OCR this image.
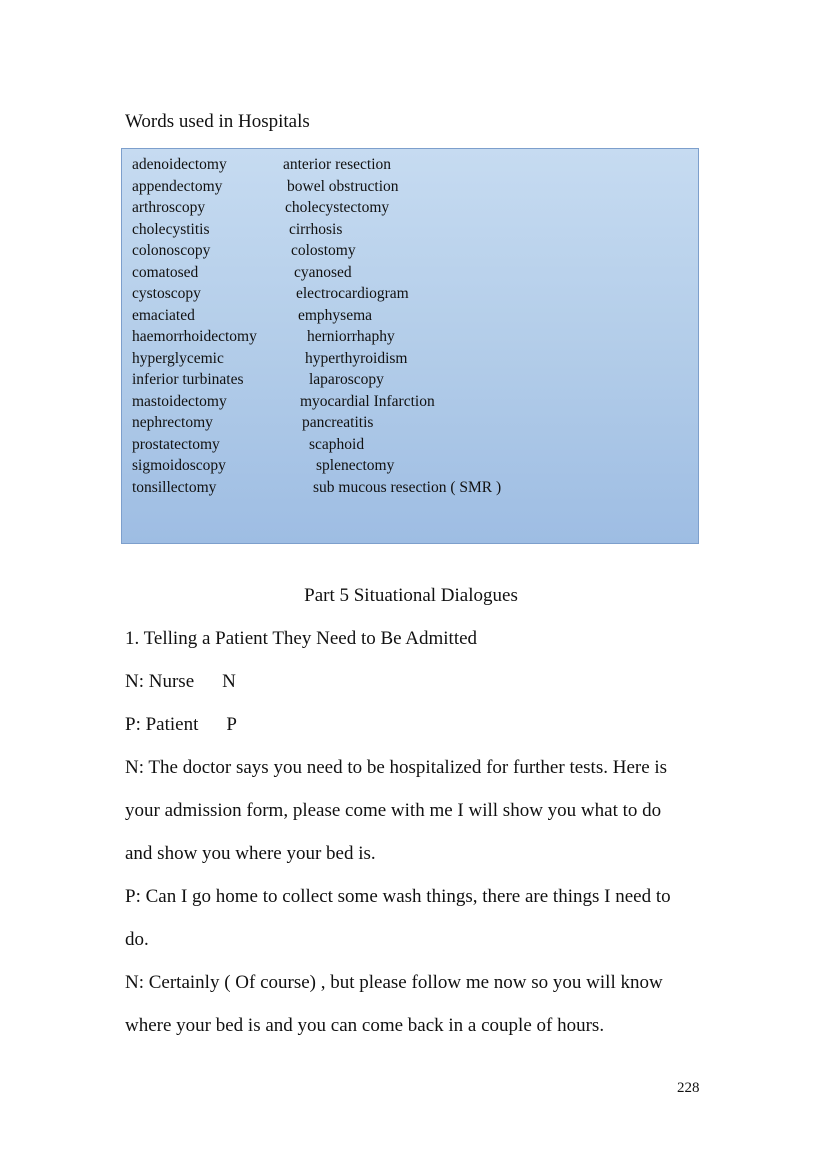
Words used in Hospitals
adenoidectomy	anterior resection
appendectomy	bowel obstruction
arthroscopy	cholecystectomy
cholecystitis	cirrhosis
colonoscopy	colostomy
comatosed	cyanosed
cystoscopy	electrocardiogram
emaciated	emphysema
haemorrhoidectomy	herniorrhaphy
hyperglycemic	hyperthyroidism
inferior turbinates	laparoscopy
mastoidectomy	myocardial Infarction
nephrectomy	pancreatitis
prostatectomy	scaphoid
sigmoidoscopy	splenectomy
tonsillectomy	sub mucous resection ( SMR )
Part 5 Situational Dialogues
1. Telling a Patient They Need to Be Admitted
N: Nurse N
P: Patient P
N: The doctor says you need to be hospitalized for further tests. Here is
your admission form, please come with me I will show you what to do
and show you where your bed is.
P: Can I go home to collect some wash things, there are things I need to
do.
N: Certainly ( Of course) , but please follow me now so you will know
where your bed is and you can come back in a couple of hours.
228
